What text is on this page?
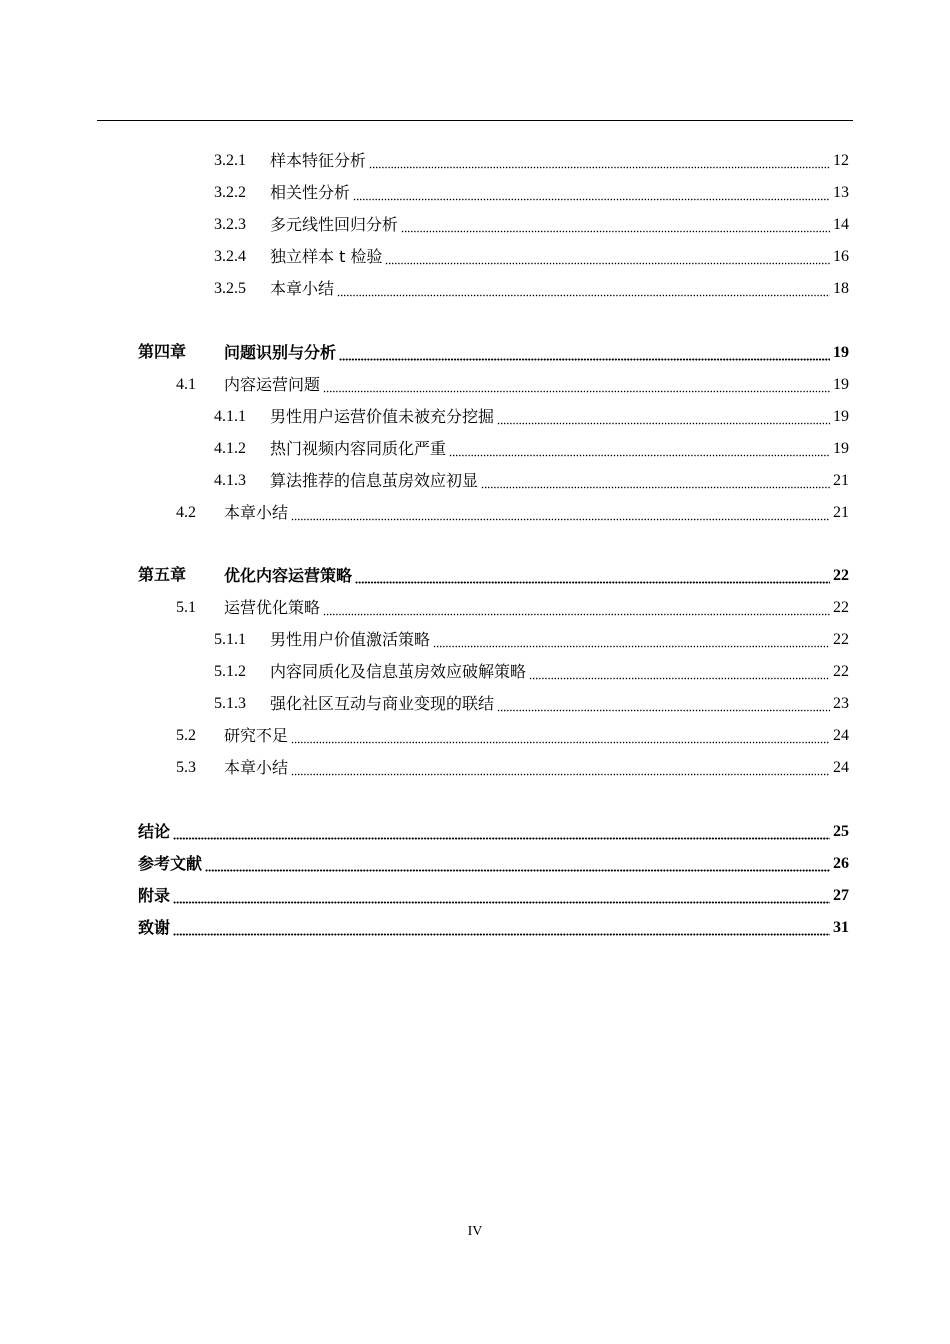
3.2.1	样本特征分析	12
3.2.2	相关性分析	13
3.2.3	多元线性回归分析	14
3.2.4	独立样本 t 检验	16
3.2.5	本章小结	18
第四章	问题识别与分析	19
4.1	内容运营问题	19
4.1.1	男性用户运营价值未被充分挖掘	19
4.1.2	热门视频内容同质化严重	19
4.1.3	算法推荐的信息茧房效应初显	21
4.2	本章小结	21
第五章	优化内容运营策略	22
5.1	运营优化策略	22
5.1.1	男性用户价值激活策略	22
5.1.2	内容同质化及信息茧房效应破解策略	22
5.1.3	强化社区互动与商业变现的联结	23
5.2	研究不足	24
5.3	本章小结	24
结论	25
参考文献	26
附录	27
致谢	31
IV
